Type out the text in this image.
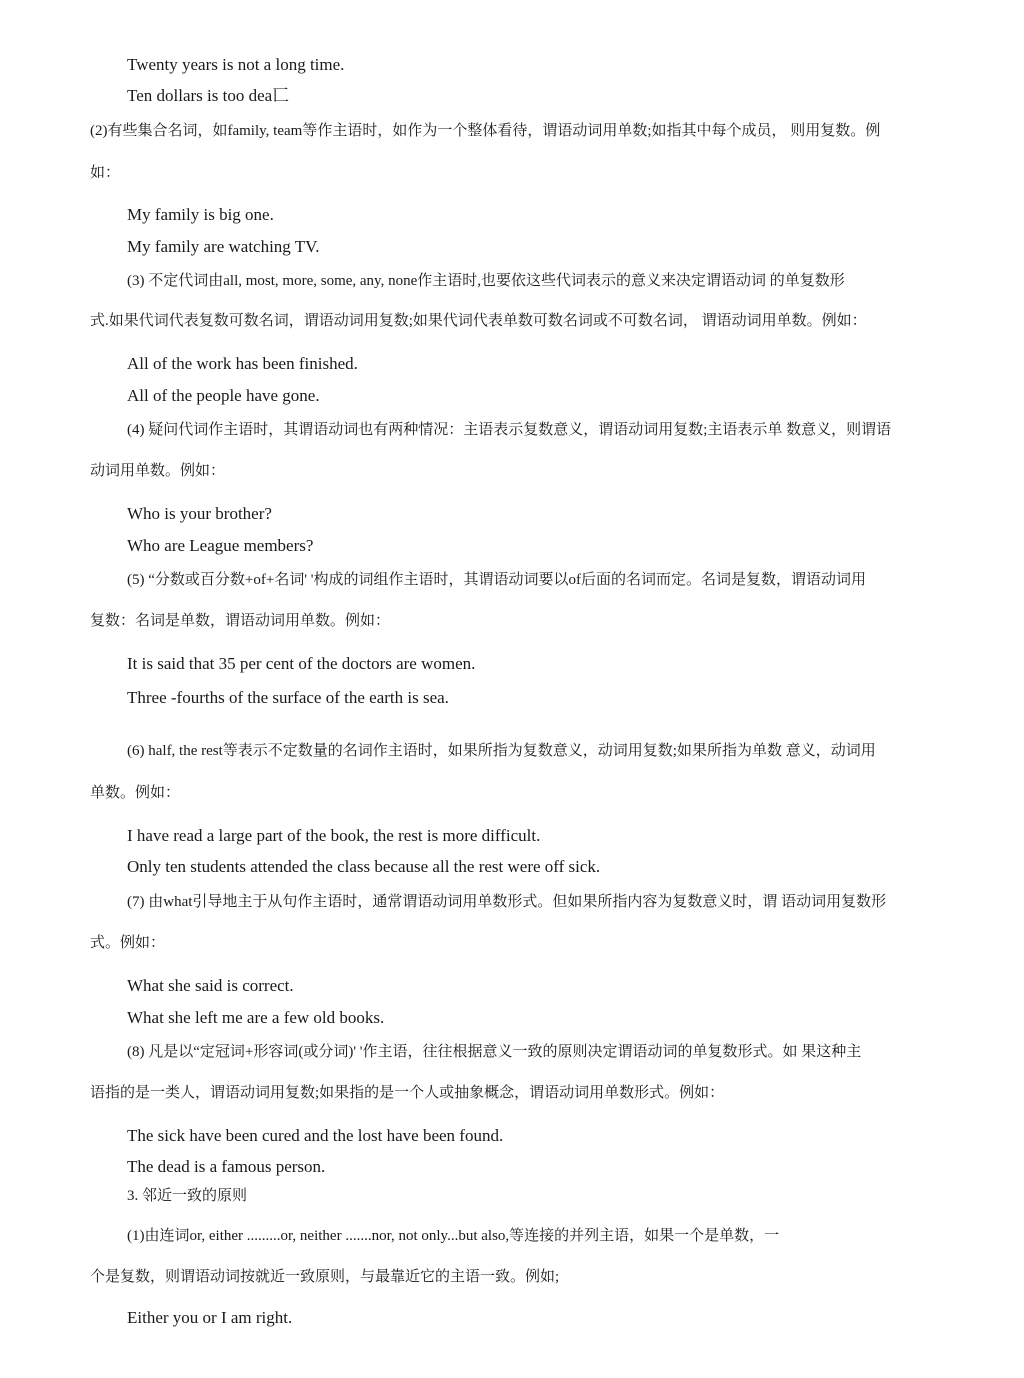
Twenty years is not a long time.

Ten dollars is too dea匸

(2)有些集合名词，如family, team等作主语时，如作为一个整体看待，谓语动词用单数;如指其中每个成员， 则用复数。例

如：

My family is big one.

My family are watching TV.

(3) 不定代词由all, most, more, some, any, none作主语时,也要依这些代词表示的意义来决定谓语动词 的单复数形

式.如果代词代表复数可数名词，谓语动词用复数;如果代词代表单数可数名词或不可数名词， 谓语动词用单数。例如：

All of the work has been finished.

All of the people have gone.

(4) 疑问代词作主语时，其谓语动词也有两种情况：主语表示复数意义，谓语动词用复数;主语表示单 数意义，则谓语

动词用单数。例如：

Who is your brother?

Who are League members?

(5) “分数或百分数+of+名词' '构成的词组作主语时，其谓语动词要以of后面的名词而定。名词是复数，谓语动词用

复数：名词是单数，谓语动词用单数。例如：

It is said that 35 per cent of the doctors are women.

Three -fourths of the surface of the earth is sea.

(6) half, the rest等表示不定数量的名词作主语时，如果所指为复数意义，动词用复数;如果所指为单数 意义，动词用

单数。例如：

I have read a large part of the book, the rest is more difficult.

Only ten students attended the class because all the rest were off sick.

(7) 由what引导地主于从句作主语时，通常谓语动词用单数形式。但如果所指内容为复数意义时，谓 语动词用复数形

式。例如：

What she said is correct.

What she left me are a few old books.

(8) 凡是以“定冠词+形容词(或分词)' '作主语，往往根据意义一致的原则决定谓语动词的单复数形式。如 果这种主

语指的是一类人，谓语动词用复数;如果指的是一个人或抽象概念，谓语动词用单数形式。例如：

The sick have been cured and the lost have been found.

The dead is a famous person.

3. 邻近一致的原则

(1)由连词or, either .........or, neither .......nor, not only...but also,等连接的并列主语，如果一个是单数，一

个是复数，则谓语动词按就近一致原则，与最靠近它的主语一致。例如;

Either you or I am right.
